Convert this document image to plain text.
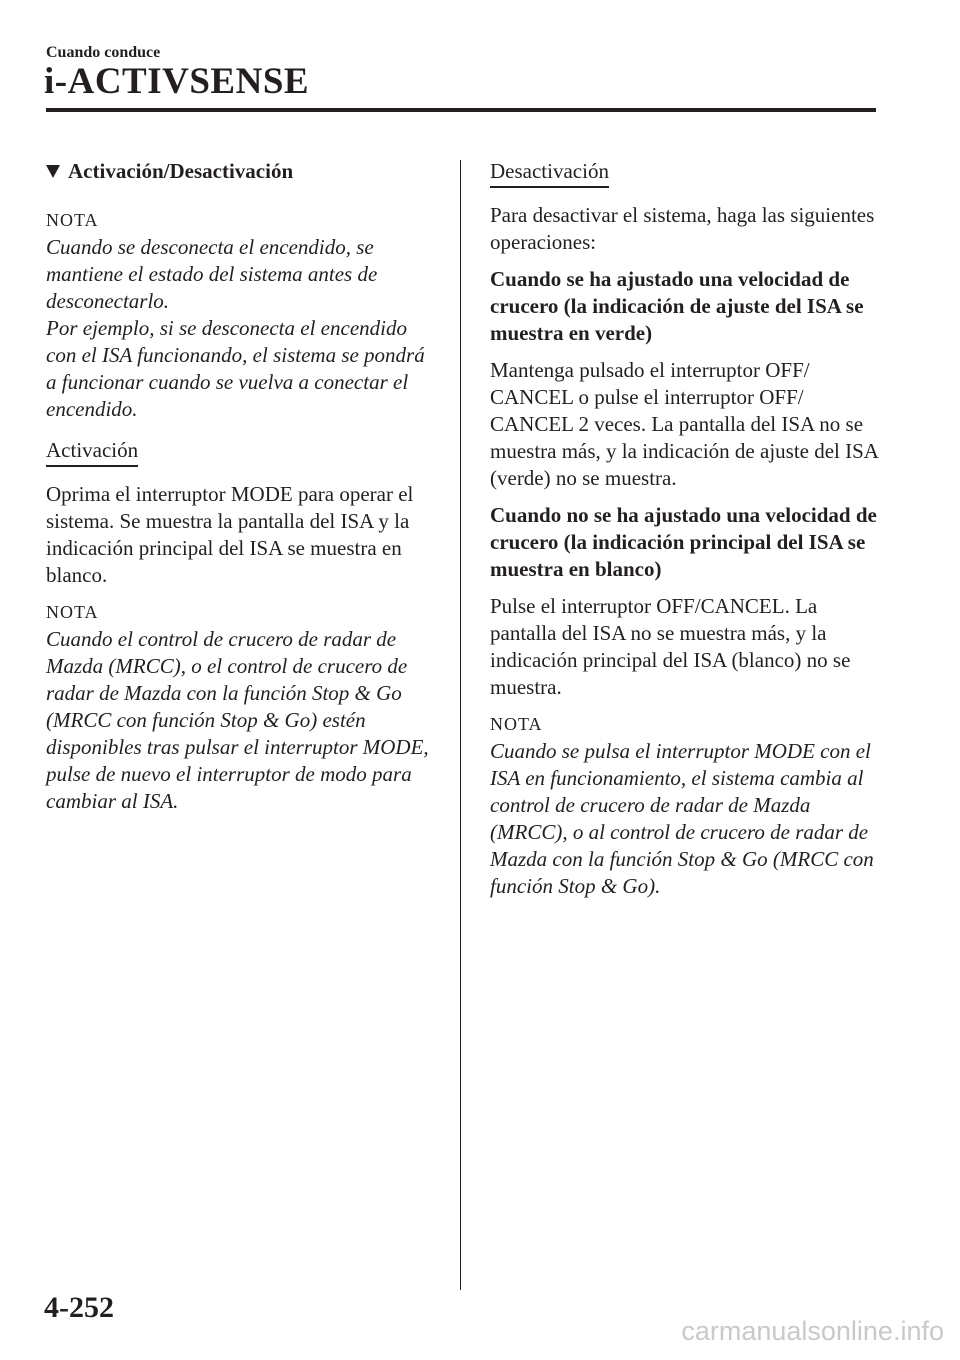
Cuando conduce
i-ACTIVSENSE

Activación/Desactivación

NOTA

Cuando se desconecta el encendido, se mantiene el estado del sistema antes de desconectarlo.
Por ejemplo, si se desconecta el encendido con el ISA funcionando, el sistema se pondrá a funcionar cuando se vuelva a conectar el encendido.

Activación

Oprima el interruptor MODE para operar el sistema. Se muestra la pantalla del ISA y la indicación principal del ISA se muestra en blanco.

NOTA

Cuando el control de crucero de radar de Mazda (MRCC), o el control de crucero de radar de Mazda con la función Stop & Go (MRCC con función Stop & Go) estén disponibles tras pulsar el interruptor MODE, pulse de nuevo el interruptor de modo para cambiar al ISA.

Desactivación

Para desactivar el sistema, haga las siguientes operaciones:

Cuando se ha ajustado una velocidad de crucero (la indicación de ajuste del ISA se muestra en verde)

Mantenga pulsado el interruptor OFF/ CANCEL o pulse el interruptor OFF/ CANCEL 2 veces. La pantalla del ISA no se muestra más, y la indicación de ajuste del ISA (verde) no se muestra.

Cuando no se ha ajustado una velocidad de crucero (la indicación principal del ISA se muestra en blanco)

Pulse el interruptor OFF/CANCEL. La pantalla del ISA no se muestra más, y la indicación principal del ISA (blanco) no se muestra.

NOTA

Cuando se pulsa el interruptor MODE con el ISA en funcionamiento, el sistema cambia al control de crucero de radar de Mazda (MRCC), o al control de crucero de radar de Mazda con la función Stop & Go (MRCC con función Stop & Go).

4-252
carmanualsonline.info
